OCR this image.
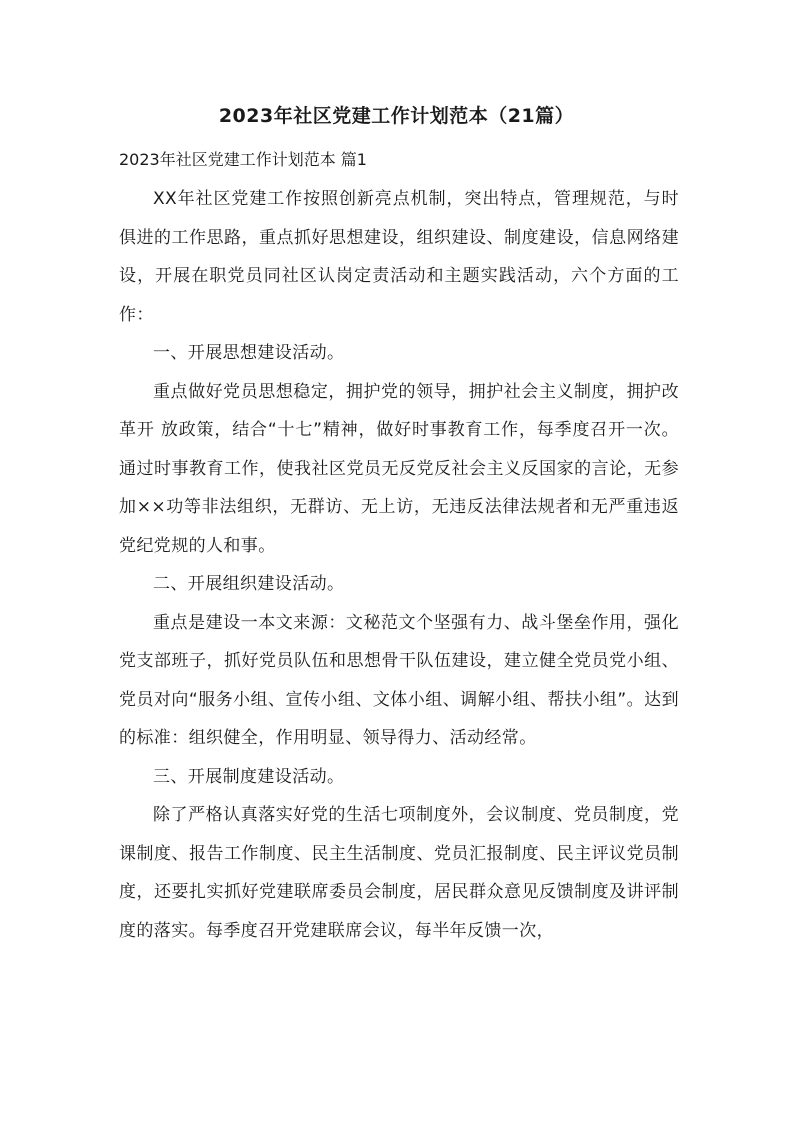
2023年社区党建工作计划范本（21篇）
2023年社区党建工作计划范本 篇1

XX年社区党建工作按照创新亮点机制，突出特点，管理规范，与时俱进的工作思路，重点抓好思想建设，组织建设、制度建设，信息网络建设，开展在职党员同社区认岗定责活动和主题实践活动，六个方面的工作：

一、开展思想建设活动。

重点做好党员思想稳定，拥护党的领导，拥护社会主义制度，拥护改革开 放政策，结合“十七”精神，做好时事教育工作，每季度召开一次。通过时事教育工作，使我社区党员无反党反社会主义反国家的言论，无参加××功等非法组织，无群访、无上访，无违反法律法规者和无严重违返党纪党规的人和事。

二、开展组织建设活动。

重点是建设一本文来源：文秘范文个坚强有力、战斗堡垒作用，强化党支部班子，抓好党员队伍和思想骨干队伍建设，建立健全党员党小组、党员对向“服务小组、宣传小组、文体小组、调解小组、帮扶小组”。达到的标准：组织健全，作用明显、领导得力、活动经常。

三、开展制度建设活动。

除了严格认真落实好党的生活七项制度外，会议制度、党员制度，党课制度、报告工作制度、民主生活制度、党员汇报制度、民主评议党员制度，还要扎实抓好党建联席委员会制度，居民群众意见反馈制度及讲评制度的落实。每季度召开党建联席会议，每半年反馈一次，
